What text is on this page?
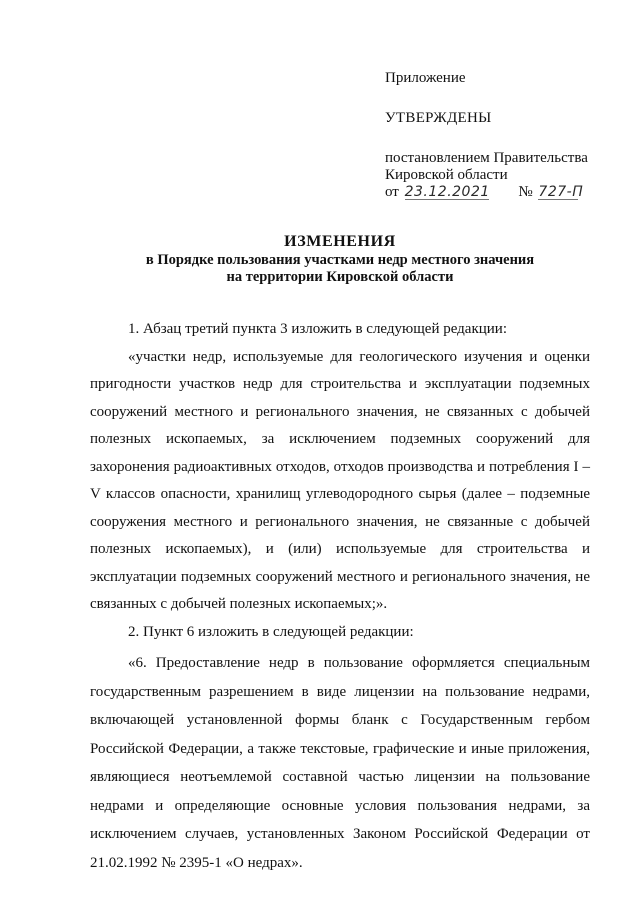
Приложение

УТВЕРЖДЕНЫ

постановлением Правительства

Кировской области

от 23.12.2021 № 727-П

ИЗМЕНЕНИЯ
в Порядке пользования участками недр местного значения
на территории Кировской области

1. Абзац третий пункта 3 изложить в следующей редакции:

«участки недр, используемые для геологического изучения и оценки пригодности участков недр для строительства и эксплуатации подземных сооружений местного и регионального значения, не связанных с добычей полезных ископаемых, за исключением подземных сооружений для захоронения радиоактивных отходов, отходов производства и потребления I – V классов опасности, хранилищ углеводородного сырья (далее – подземные сооружения местного и регионального значения, не связанные с добычей полезных ископаемых), и (или) используемые для строительства и эксплуатации подземных сооружений местного и регионального значения, не связанных с добычей полезных ископаемых;».

2. Пункт 6 изложить в следующей редакции:

«6. Предоставление недр в пользование оформляется специальным государственным разрешением в виде лицензии на пользование недрами, включающей установленной формы бланк с Государственным гербом Российской Федерации, а также текстовые, графические и иные приложения, являющиеся неотъемлемой составной частью лицензии на пользование недрами и определяющие основные условия пользования недрами, за исключением случаев, установленных Законом Российской Федерации от 21.02.1992 № 2395-1 «О недрах».
